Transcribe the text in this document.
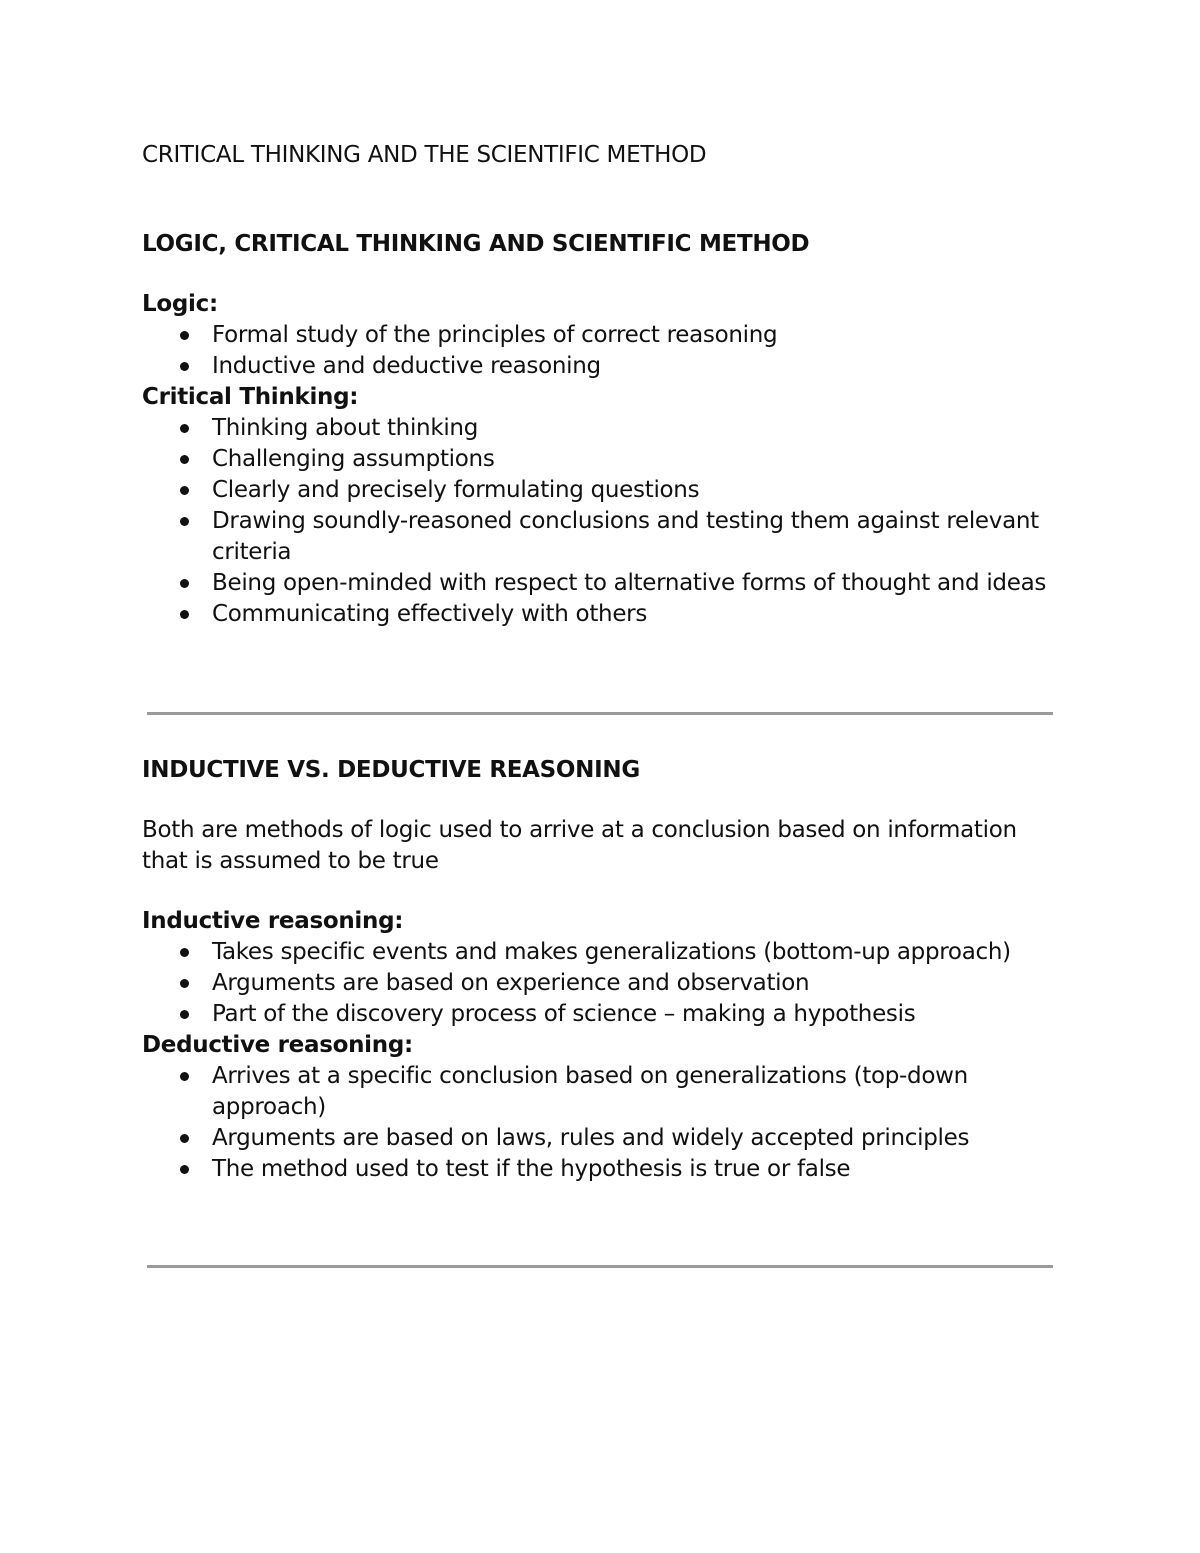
CRITICAL THINKING AND THE SCIENTIFIC METHOD
LOGIC, CRITICAL THINKING AND SCIENTIFIC METHOD

Logic:

Formal study of the principles of correct reasoning
Inductive and deductive reasoning

Critical Thinking:

Thinking about thinking
Challenging assumptions
Clearly and precisely formulating questions
Drawing soundly-reasoned conclusions and testing them against relevant criteria
Being open-minded with respect to alternative forms of thought and ideas
Communicating effectively with others
INDUCTIVE VS. DEDUCTIVE REASONING

Both are methods of logic used to arrive at a conclusion based on information that is assumed to be true

Inductive reasoning:

Takes specific events and makes generalizations (bottom-up approach)
Arguments are based on experience and observation
Part of the discovery process of science – making a hypothesis

Deductive reasoning:

Arrives at a specific conclusion based on generalizations (top-down approach)
Arguments are based on laws, rules and widely accepted principles
The method used to test if the hypothesis is true or false
